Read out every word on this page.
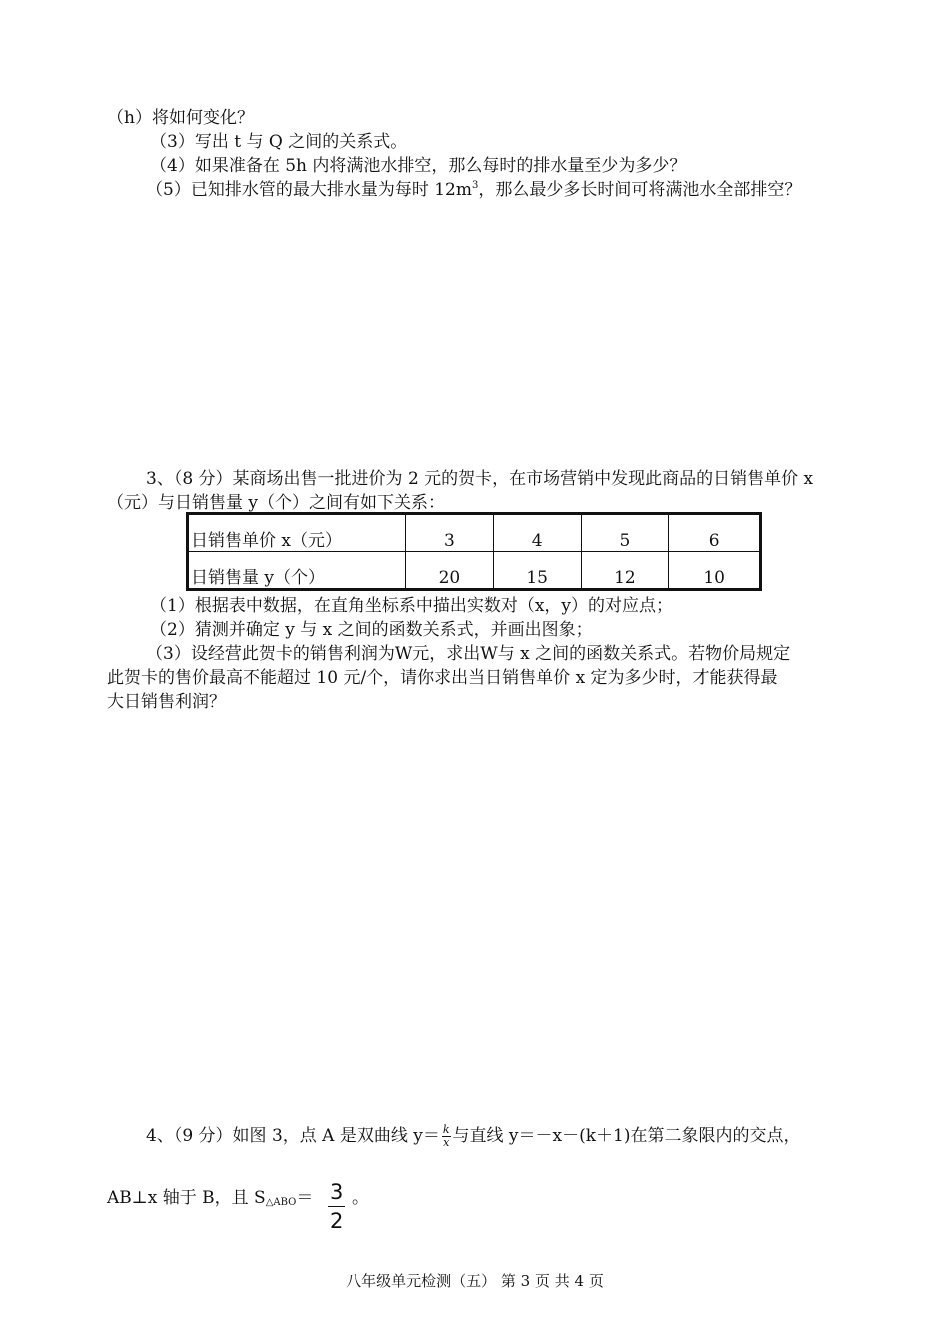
（h）将如何变化？
（3）写出 t 与 Q 之间的关系式。
（4）如果准备在 5h 内将满池水排空，那么每时的排水量至少为多少？
（5）已知排水管的最大排水量为每时 $12m^3$，那么最少多长时间可将满池水全部排空？
3、（8 分）某商场出售一批进价为 2 元的贺卡，在市场营销中发现此商品的日销售单价 x
（元）与日销售量 y（个）之间有如下关系：
日销售单价 x（元）	3	4	5	6
日销售量 y（个）	20	15	12	10
（1）根据表中数据，在直角坐标系中描出实数对（x，y）的对应点；
（2）猜测并确定 y 与 x 之间的函数关系式，并画出图象；
（3）设经营此贺卡的销售利润为W元，求出W与 x 之间的函数关系式。若物价局规定
此贺卡的售价最高不能超过 10 元/个，请你求出当日销售单价 x 定为多少时，才能获得最
大日销售利润？
4、（9 分）如图 3，点 A 是双曲线 $y= \frac{k}{x}$ 与直线 y＝－x－(k＋1)在第二象限内的交点，
AB⊥x 轴于 B，且 $S_{\triangle ABO}= \frac{3}{2}$ 。
八年级单元检测（五） 第 3 页 共 4 页
